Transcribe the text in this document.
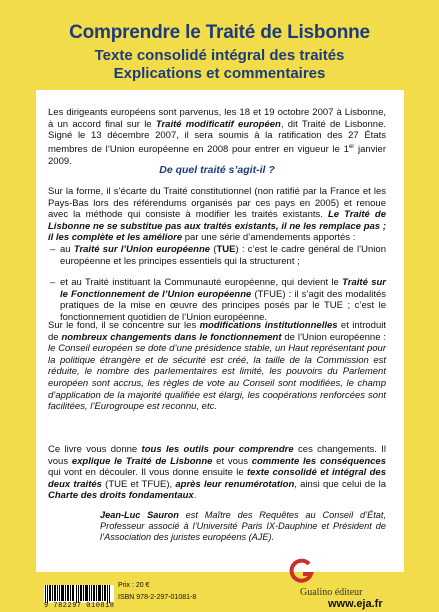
Comprendre le Traité de Lisbonne
Texte consolidé intégral des traités
Explications et commentaires
Les dirigeants européens sont parvenus, les 18 et 19 octobre 2007 à Lisbonne, à un accord final sur le Traité modificatif européen, dit Traité de Lisbonne. Signé le 13 décembre 2007, il sera soumis à la ratification des 27 États membres de l’Union européenne en 2008 pour entrer en vigueur le 1er janvier 2009.
De quel traité s’agit-il ?
Sur la forme, il s’écarte du Traité constitutionnel (non ratifié par la France et les Pays-Bas lors des référendums organisés par ces pays en 2005) et renoue avec la méthode qui consiste à modifier les traités existants. Le Traité de Lisbonne ne se substitue pas aux traités existants, il ne les remplace pas ; il les complète et les améliore par une série d’amendements apportés :
– au Traité sur l’Union européenne (TUE) : c’est le cadre général de l’Union européenne et les principes essentiels qui la structurent ;
– et au Traité instituant la Communauté européenne, qui devient le Traité sur le Fonctionnement de l’Union européenne (TFUE) : il s’agit des modalités pratiques de la mise en œuvre des principes posés par le TUE ; c’est le fonctionnement quotidien de l’Union européenne.
Sur le fond, il se concentre sur les modifications institutionnelles et introduit de nombreux changements dans le fonctionnement de l’Union européenne : le Conseil européen se dote d’une présidence stable, un Haut représentant pour la politique étrangère et de sécurité est créé, la taille de la Commission est réduite, le nombre des parlementaires est limité, les pouvoirs du Parlement européen sont accrus, les règles de vote au Conseil sont modifiées, le champ d’application de la majorité qualifiée est élargi, les coopérations renforcées sont facilitées, l’Eurogroupe est reconnu, etc.
Ce livre vous donne tous les outils pour comprendre ces changements. Il vous explique le Traité de Lisbonne et vous commente les conséquences qui vont en découler. Il vous donne ensuite le texte consolidé et intégral des deux traités (TUE et TFUE), après leur renumérotation, ainsi que celui de la Charte des droits fondamentaux.
Jean-Luc Sauron est Maître des Requêtes au Conseil d’État, Professeur associé à l’Université Paris IX-Dauphine et Président de l’Association des juristes européens (AJE).
9 782297 010818
Prix : 20 €
ISBN 978-2-297-01081-8	Gualino éditeur
www.eja.fr
